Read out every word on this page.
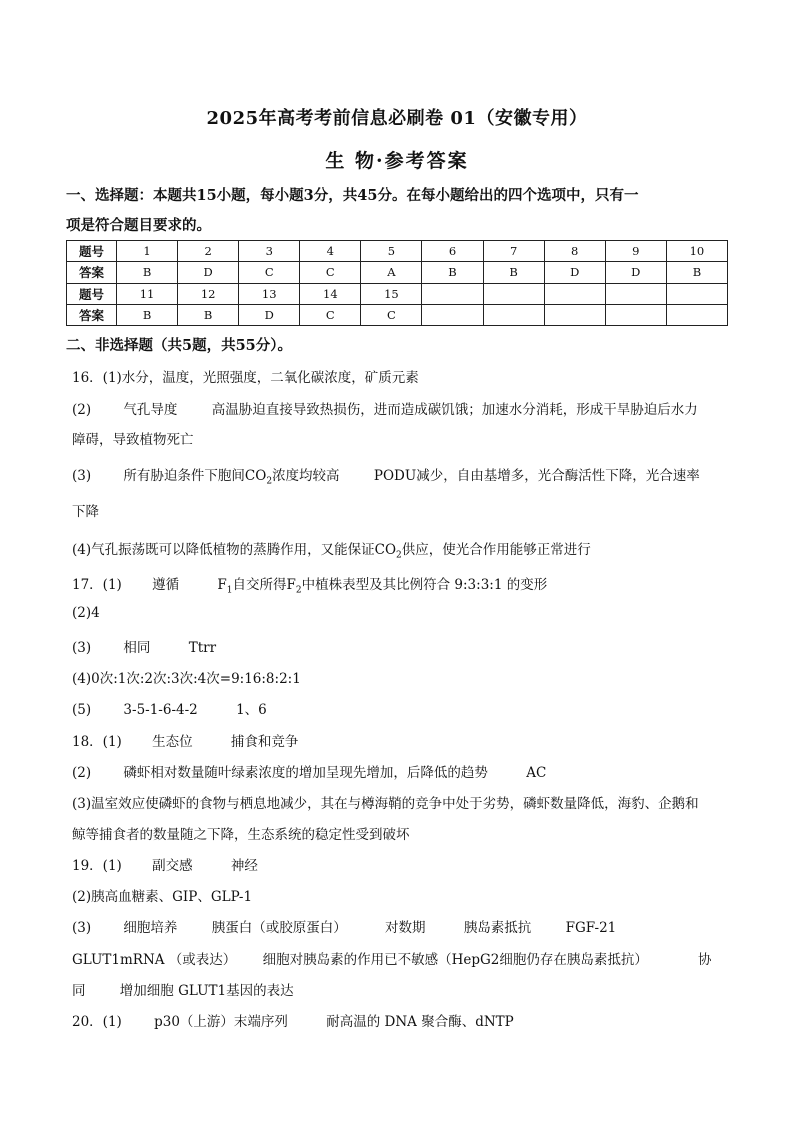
2025年高考考前信息必刷卷 01（安徽专用）
生 物·参考答案
一、选择题：本题共15小题，每小题3分，共45分。在每小题给出的四个选项中，只有一
项是符合题目要求的。
题号	1	2	3	4	5	6	7	8	9	10
答案	B	D	C	C	A	B	B	D	D	B
题号	11	12	13	14	15					
答案	B	B	D	C	C					
二、非选择题（共5题，共55分）。
16．(1)水分，温度，光照强度，二氧化碳浓度，矿质元素
(2) 气孔导度	高温胁迫直接导致热损伤，进而造成碳饥饿；加速水分消耗，形成干旱胁迫后水力
障碍，导致植物死亡
(3) 所有胁迫条件下胞间$CO_2$浓度均较高	PODU减少，自由基增多，光合酶活性下降，光合速率
下降
(4)气孔振荡既可以降低植物的蒸腾作用，又能保证$CO_2$供应，使光合作用能够正常进行
17．(1) 遵循	$F_1$自交所得$F_2$中植株表型及其比例符合 9:3:3:1 的变形
(2)4
(3) 相同	Ttrr
(4)0次:1次:2次:3次:4次=9:16:8:2:1
(5) 3-5-1-6-4-2	1、6
18．(1) 生态位	捕食和竞争
(2) 磷虾相对数量随叶绿素浓度的增加呈现先增加，后降低的趋势	AC
(3)温室效应使磷虾的食物与栖息地减少，其在与樽海鞘的竞争中处于劣势，磷虾数量降低，海豹、企鹅和
鲸等捕食者的数量随之下降，生态系统的稳定性受到破坏
19．(1) 副交感	神经
(2)胰高血糖素、GIP、GLP-1
(3) 细胞培养	胰蛋白（或胶原蛋白）	对数期	胰岛素抵抗	FGF-21
GLUT1mRNA （或表达） 细胞对胰岛素的作用已不敏感（HepG2细胞仍存在胰岛素抵抗）	协
同	增加细胞 GLUT1基因的表达
20．(1) p30（上游）末端序列	耐高温的 DNA 聚合酶、dNTP
